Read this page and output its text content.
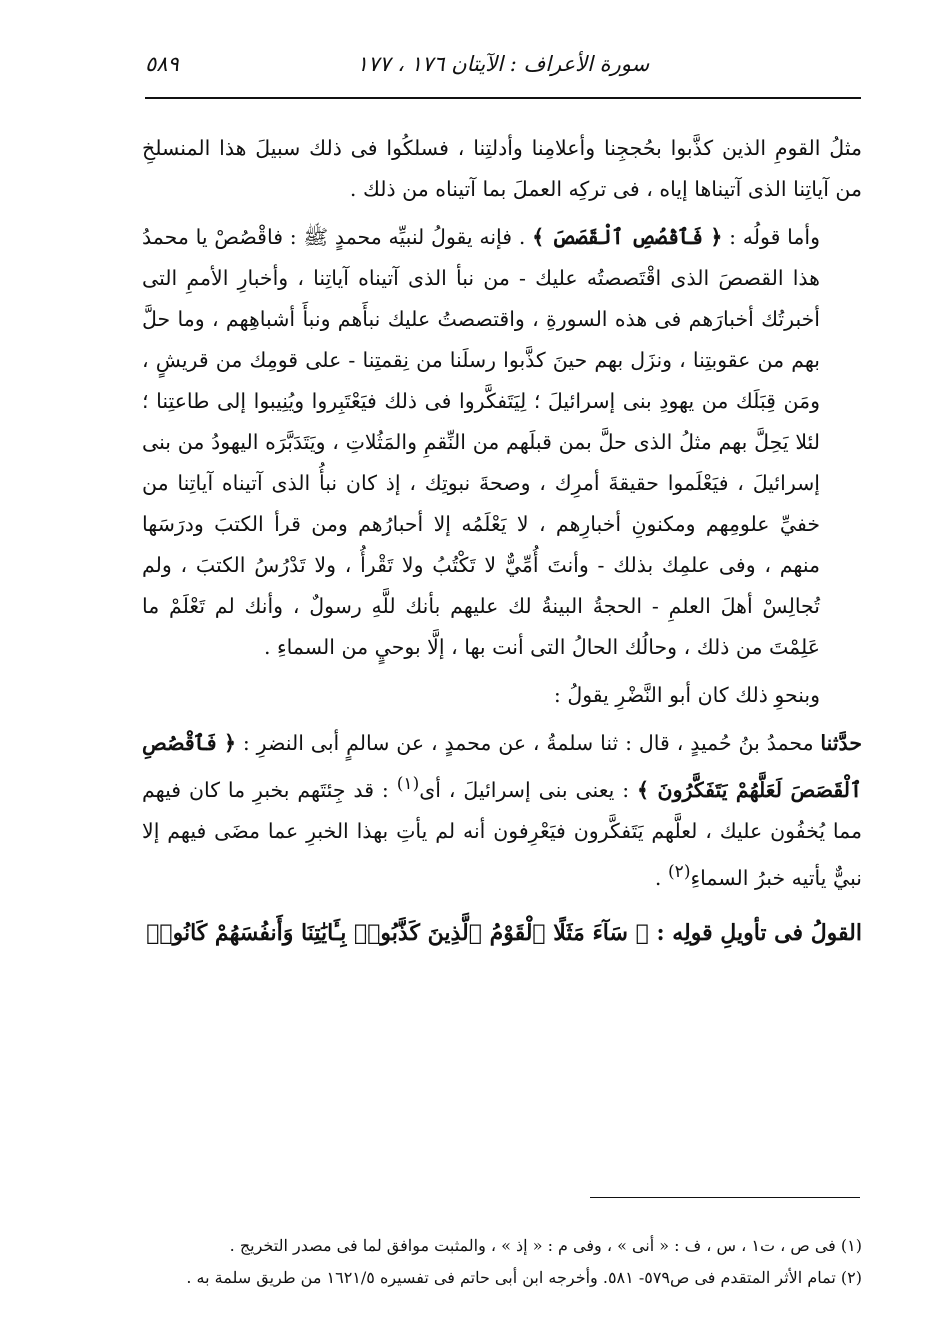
سورة الأعراف : الآيتان ١٧٦ ، ١٧٧
٥٨٩

مثلُ القومِ الذين كذَّبوا بحُججِنا وأعلامِنا وأدلتِنا ، فسلكُوا فى ذلك سبيلَ هذا المنسلخِ من آياتِنا الذى آتيناها إياه ، فى تركِه العملَ بما آتيناه من ذلك .

وأما قولُه : ﴿ فَٱقْصُصِ ٱلْقَصَصَ ﴾ . فإنه يقولُ لنبيِّه محمدٍ ﷺ : فاقْصُصْ يا محمدُ هذا القصصَ الذى اقْتَصصتُه عليك - من نبأ الذى آتيناه آياتِنا ، وأخبارِ الأممِ التى أخبرتُك أخبارَهم فى هذه السورةِ ، واقتصصتُ عليك نبأَهم ونبأَ أشباهِهم ، وما حلَّ بهم من عقوبتِنا ، ونزَل بهم حينَ كذَّبوا رسلَنا من نِقمتِنا - على قومِك من قريشٍ ، ومَن قِبَلَك من يهودِ بنى إسرائيلَ ؛ لِيَتَفكَّروا فى ذلك فيَعْتَبِروا ويُنِيبوا إلى طاعتِنا ؛ لئلا يَحِلَّ بهم مثلُ الذى حلَّ بمن قبلَهم من النِّقمِ والمَثُلاتِ ، ويَتَدَبَّرَه اليهودُ من بنى إسرائيلَ ، فيَعْلَموا حقيقةَ أمرِك ، وصحةَ نبوتِك ، إذ كان نبأُ الذى آتيناه آياتِنا من خفيِّ علومِهم ومكنونِ أخبارِهم ، لا يَعْلَمُه إلا أحبارُهم ومن قرأ الكتبَ ودرَسَها منهم ، وفى علمِك بذلك - وأنتَ أُمِّيٌّ لا تَكْتُبُ ولا تَقْرأُ ، ولا تَدْرُسُ الكتبَ ، ولم تُجالِسْ أهلَ العلمِ - الحجةُ البينةُ لك عليهم بأنك للَّهِ رسولٌ ، وأنك لم تَعْلَمْ ما عَلِمْتَ من ذلك ، وحالُك الحالُ التى أنت بها ، إلَّا بوحيٍ من السماءِ .

وبنحوِ ذلك كان أبو النَّضْرِ يقولُ :

حدَّثنا محمدُ بنُ حُميدٍ ، قال : ثنا سلمةُ ، عن محمدٍ ، عن سالمٍ أبى النضرِ : ﴿ فَٱقْصُصِ ٱلْقَصَصَ لَعَلَّهُمْ يَتَفَكَّرُونَ ﴾ : يعنى بنى إسرائيلَ ، أى$^{(١)}$ : قد جِئتَهم بخبرِ ما كان فيهم مما يُخفُون عليك ، لعلَّهم يَتَفكَّرون فيَعْرِفون أنه لم يأتِ بهذا الخبرِ عما مضَى فيهم إلا نبيٌّ يأتيه خبرُ السماءِ$^{(٢)}$ .

القولُ فى تأويلِ قولِه : ﴿ سَآءَ مَثَلًا ٱلْقَوْمُ ٱلَّذِينَ كَذَّبُوا۟ بِـَٔايَٰتِنَا وَأَنفُسَهُمْ كَانُوا۟

(١) فى ص ، ت١ ، س ، ف : « أنى » ، وفى م : « إذ » ، والمثبت موافق لما فى مصدر التخريج .

(٢) تمام الأثر المتقدم فى ص٥٧٩- ٥٨١. وأخرجه ابن أبى حاتم فى تفسيره ١٦٢١/٥ من طريق سلمة به .
